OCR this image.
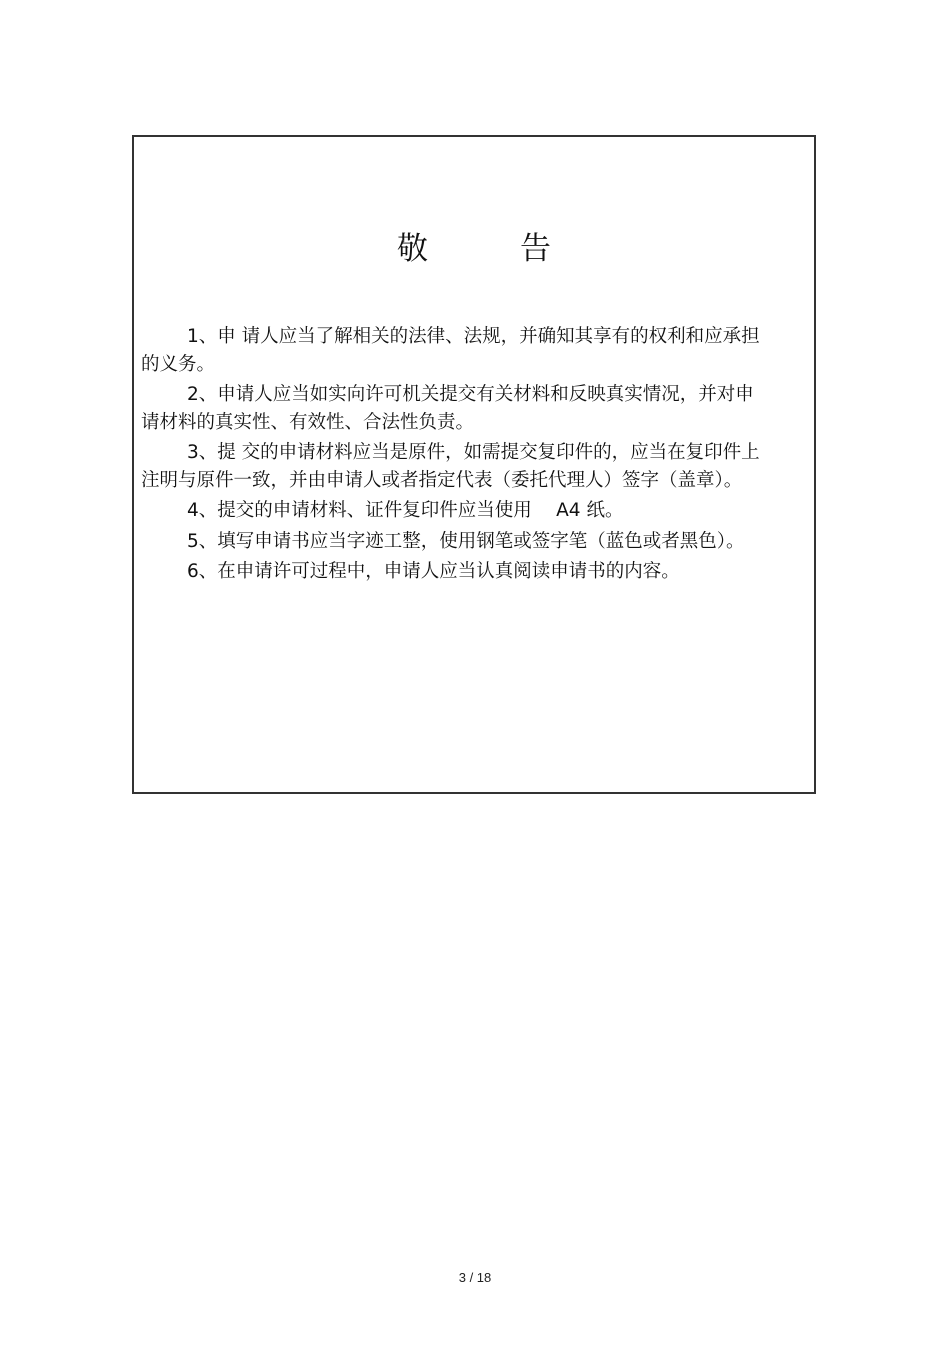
敬	告
1、申 请人应当了解相关的法律、法规，并确知其享有的权利和应承担的义务。
2、申请人应当如实向许可机关提交有关材料和反映真实情况，并对申请材料的真实性、有效性、合法性负责。
3、提 交的申请材料应当是原件，如需提交复印件的，应当在复印件上注明与原件一致，并由申请人或者指定代表（委托代理人）签字（盖章）。
4、提交的申请材料、证件复印件应当使用　 A4 纸。
5、填写申请书应当字迹工整，使用钢笔或签字笔（蓝色或者黑色）。
6、在申请许可过程中，申请人应当认真阅读申请书的内容。
3 / 18
